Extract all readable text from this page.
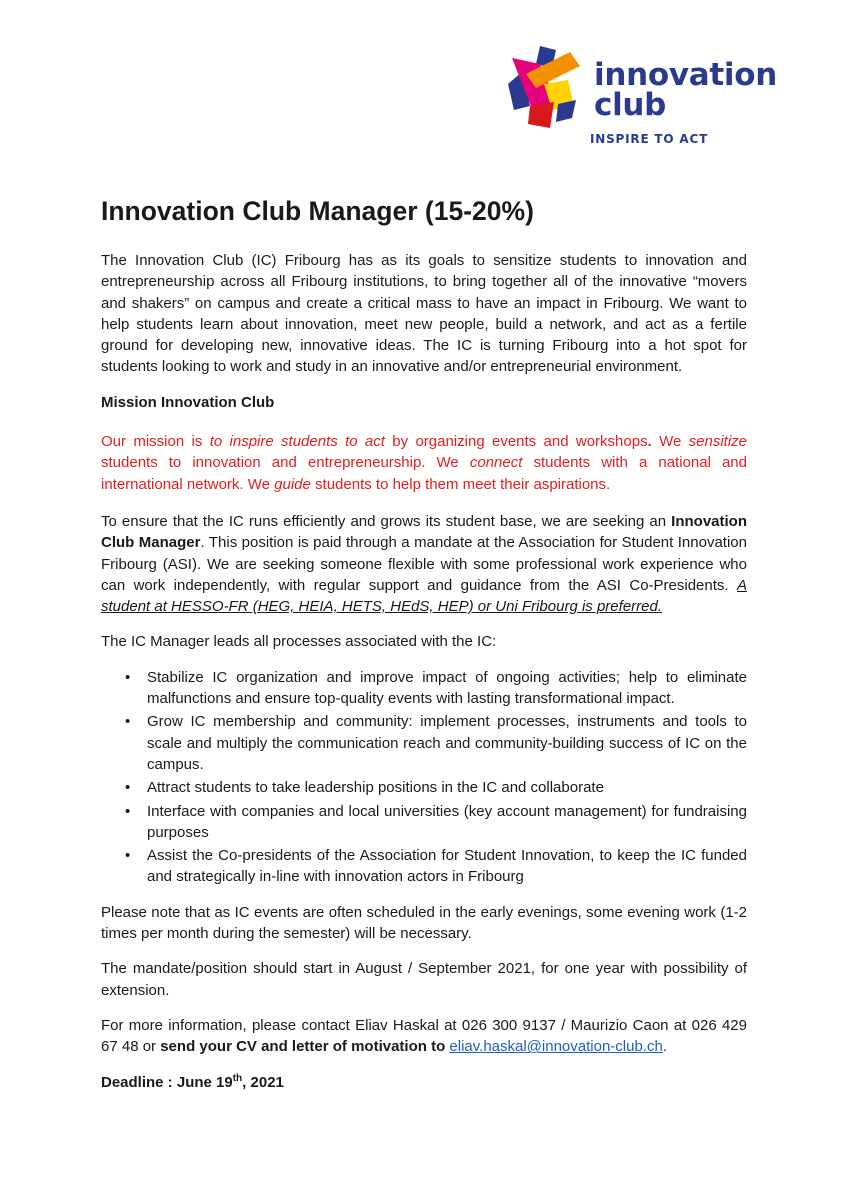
innovation
club
INSPIRE TO ACT
Innovation Club Manager (15-20%)

The Innovation Club (IC) Fribourg has as its goals to sensitize students to innovation and entrepreneurship across all Fribourg institutions, to bring together all of the innovative “movers and shakers” on campus and create a critical mass to have an impact in Fribourg. We want to help students learn about innovation, meet new people, build a network, and act as a fertile ground for developing new, innovative ideas. The IC is turning Fribourg into a hot spot for students looking to work and study in an innovative and/or entrepreneurial environment.

Mission Innovation Club

Our mission is to inspire students to act by organizing events and workshops. We sensitize students to innovation and entrepreneurship. We connect students with a national and international network. We guide students to help them meet their aspirations.

To ensure that the IC runs efficiently and grows its student base, we are seeking an Innovation Club Manager. This position is paid through a mandate at the Association for Student Innovation Fribourg (ASI). We are seeking someone flexible with some professional work experience who can work independently, with regular support and guidance from the ASI Co-Presidents. A student at HESSO-FR (HEG, HEIA, HETS, HEdS, HEP) or Uni Fribourg is preferred.

The IC Manager leads all processes associated with the IC:

• Stabilize IC organization and improve impact of ongoing activities; help to eliminate malfunctions and ensure top-quality events with lasting transformational impact.
• Grow IC membership and community: implement processes, instruments and tools to scale and multiply the communication reach and community-building success of IC on the campus.
• Attract students to take leadership positions in the IC and collaborate
• Interface with companies and local universities (key account management) for fundraising purposes
• Assist the Co-presidents of the Association for Student Innovation, to keep the IC funded and strategically in-line with innovation actors in Fribourg

Please note that as IC events are often scheduled in the early evenings, some evening work (1-2 times per month during the semester) will be necessary.

The mandate/position should start in August / September 2021, for one year with possibility of extension.

For more information, please contact Eliav Haskal at 026 300 9137 / Maurizio Caon at 026 429 67 48 or send your CV and letter of motivation to eliav.haskal@innovation-club.ch.

Deadline : June 19th, 2021
